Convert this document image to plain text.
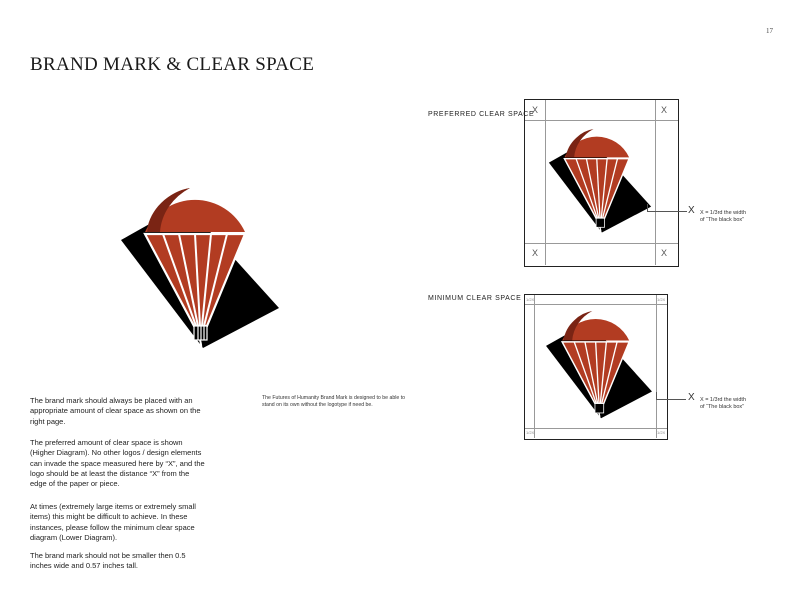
17
BRAND MARK & CLEAR SPACE
The brand mark should always be placed with an appropriate amount of clear space as shown on the right page.
The preferred amount of clear space is shown (Higher Diagram). No other logos / design elements can invade the space measured here by “X”, and the logo should be at least the distance “X” from the edge of the paper or piece.
At times (extremely large items or extremely small items) this might be difficult to achieve. In these instances, please follow the minimum clear space diagram (Lower Diagram).
The brand mark should not be smaller then 0.5 inches wide and 0.57 inches tall.
The Futures of Humanity Brand Mark is designed to be able to stand on its own without the logotype if need be.
PREFERRED CLEAR SPACE
X	X
X	X
X X = 1/3rd the width
of “The black box”
MINIMUM CLEAR SPACE 1/2X	1/2X
1/2X	1/2X
X X = 1/3rd the width
of “The black box”
